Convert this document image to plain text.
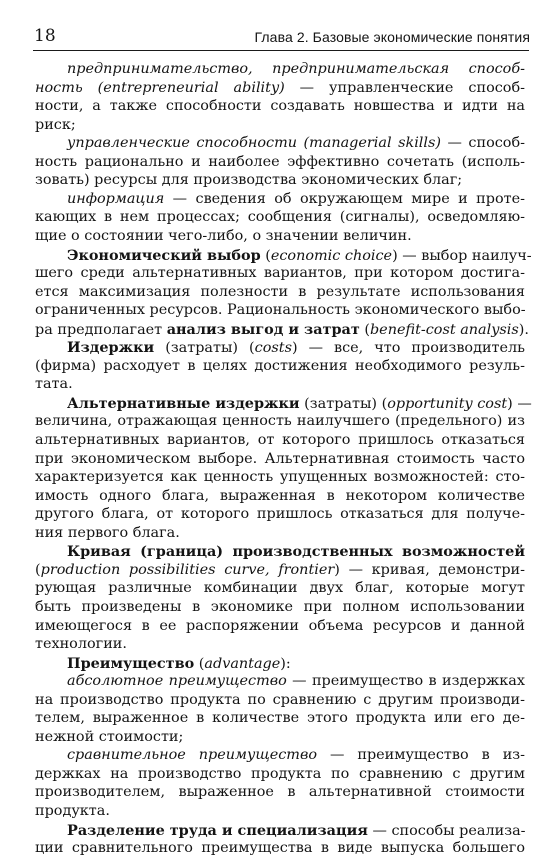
18	Глава 2. Базовые экономические понятия
предпринимательство, предпринимательская способ-
ность (entrepreneurial ability) — управленческие способ-
ности, а также способности создавать новшества и идти на
риск;
управленческие способности (managerial skills) — способ-
ность рационально и наиболее эффективно сочетать (исполь-
зовать) ресурсы для производства экономических благ;
информация — сведения об окружающем мире и проте-
кающих в нем процессах; сообщения (сигналы), осведомляю-
щие о состоянии чего-либо, о значении величин.
Экономический выбор (economic choice) — выбор наилуч-
шего среди альтернативных вариантов, при котором достига-
ется максимизация полезности в результате использования
ограниченных ресурсов. Рациональность экономического выбо-
ра предполагает анализ выгод и затрат (benefit-cost analysis).
Издержки (затраты) (costs) — все, что производитель
(фирма) расходует в целях достижения необходимого резуль-
тата.
Альтернативные издержки (затраты) (opportunity cost) —
величина, отражающая ценность наилучшего (предельного) из
альтернативных вариантов, от которого пришлось отказаться
при экономическом выборе. Альтернативная стоимость часто
характеризуется как ценность упущенных возможностей: сто-
имость одного блага, выраженная в некотором количестве
другого блага, от которого пришлось отказаться для получе-
ния первого блага.
Кривая (граница) производственных возможностей
(production possibilities curve, frontier) — кривая, демонстри-
рующая различные комбинации двух благ, которые могут
быть произведены в экономике при полном использовании
имеющегося в ее распоряжении объема ресурсов и данной
технологии.
Преимущество (advantage):
абсолютное преимущество — преимущество в издержках
на производство продукта по сравнению с другим производи-
телем, выраженное в количестве этого продукта или его де-
нежной стоимости;
сравнительное преимущество — преимущество в из-
держках на производство продукта по сравнению с другим
производителем, выраженное в альтернативной стоимости
продукта.
Разделение труда и специализация — способы реализа-
ции сравнительного преимущества в виде выпуска большего
